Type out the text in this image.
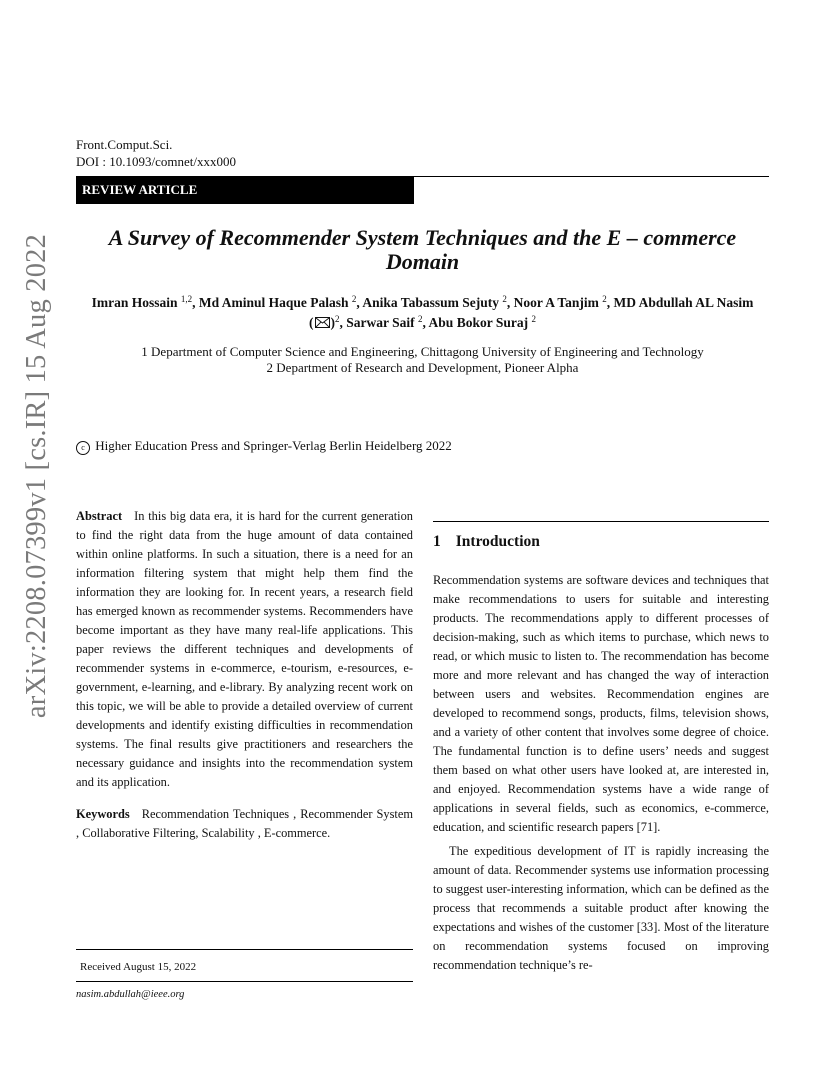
arXiv:2208.07399v1 [cs.IR] 15 Aug 2022
Front.Comput.Sci.
DOI : 10.1093/comnet/xxx000
REVIEW ARTICLE
A Survey of Recommender System Techniques and the E – commerce Domain
Imran Hossain $^{1,2}$, Md Aminul Haque Palash $^2$, Anika Tabassum Sejuty $^2$, Noor A Tanjim $^2$, MD Abdullah AL Nasim
( )$^2$, Sarwar Saif $^2$, Abu Bokor Suraj $^2$
1 Department of Computer Science and Engineering, Chittagong University of Engineering and Technology
2 Department of Research and Development, Pioneer Alpha
c Higher Education Press and Springer-Verlag Berlin Heidelberg 2022

Abstract In this big data era, it is hard for the current generation to find the right data from the huge amount of data contained within online platforms. In such a situation, there is a need for an information filtering system that might help them find the information they are looking for. In recent years, a research field has emerged known as recommender systems. Recommenders have become important as they have many real-life applications. This paper reviews the different techniques and developments of recommender systems in e-commerce, e-tourism, e-resources, e-government, e-learning, and e-library. By analyzing recent work on this topic, we will be able to provide a detailed overview of current developments and identify existing difficulties in recommendation systems. The final results give practitioners and researchers the necessary guidance and insights into the recommendation system and its application.

Keywords Recommendation Techniques , Recommender System , Collaborative Filtering, Scalability , E-commerce.

Received August 15, 2022
nasim.abdullah@ieee.org
1 Introduction

Recommendation systems are software devices and techniques that make recommendations to users for suitable and interesting products. The recommendations apply to different processes of decision-making, such as which items to purchase, which news to read, or which music to listen to. The recommendation has become more and more relevant and has changed the way of interaction between users and websites. Recommendation engines are developed to recommend songs, products, films, television shows, and a variety of other content that involves some degree of choice. The fundamental function is to define users’ needs and suggest them based on what other users have looked at, are interested in, and enjoyed. Recommendation systems have a wide range of applications in several fields, such as economics, e-commerce, education, and scientific research papers [71].

The expeditious development of IT is rapidly increasing the amount of data. Recommender systems use information processing to suggest user-interesting information, which can be defined as the process that recommends a suitable product after knowing the expectations and wishes of the customer [33]. Most of the literature on recommendation systems focused on improving recommendation technique’s re-
